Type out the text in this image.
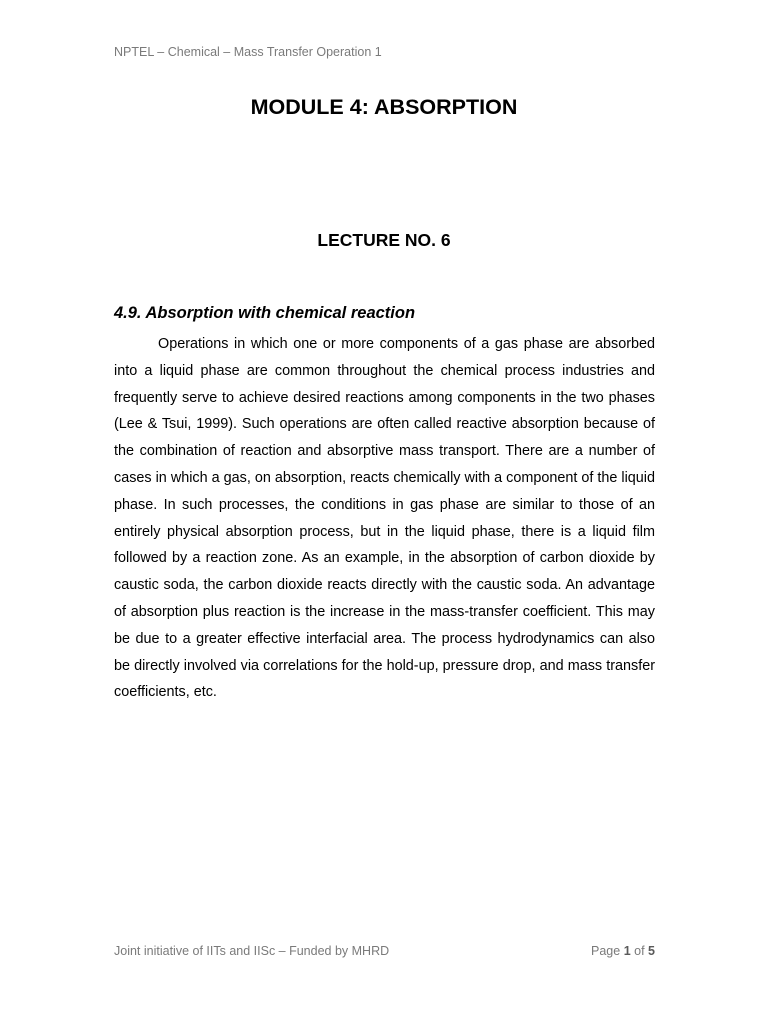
NPTEL – Chemical – Mass Transfer Operation 1
MODULE 4: ABSORPTION
LECTURE NO. 6
4.9. Absorption with chemical reaction

Operations in which one or more components of a gas phase are absorbed into a liquid phase are common throughout the chemical process industries and frequently serve to achieve desired reactions among components in the two phases (Lee & Tsui, 1999). Such operations are often called reactive absorption because of the combination of reaction and absorptive mass transport. There are a number of cases in which a gas, on absorption, reacts chemically with a component of the liquid phase. In such processes, the conditions in gas phase are similar to those of an entirely physical absorption process, but in the liquid phase, there is a liquid film followed by a reaction zone. As an example, in the absorption of carbon dioxide by caustic soda, the carbon dioxide reacts directly with the caustic soda. An advantage of absorption plus reaction is the increase in the mass-transfer coefficient. This may be due to a greater effective interfacial area. The process hydrodynamics can also be directly involved via correlations for the hold-up, pressure drop, and mass transfer coefficients, etc.

Joint initiative of IITs and IISc – Funded by MHRD	Page 1 of 5
